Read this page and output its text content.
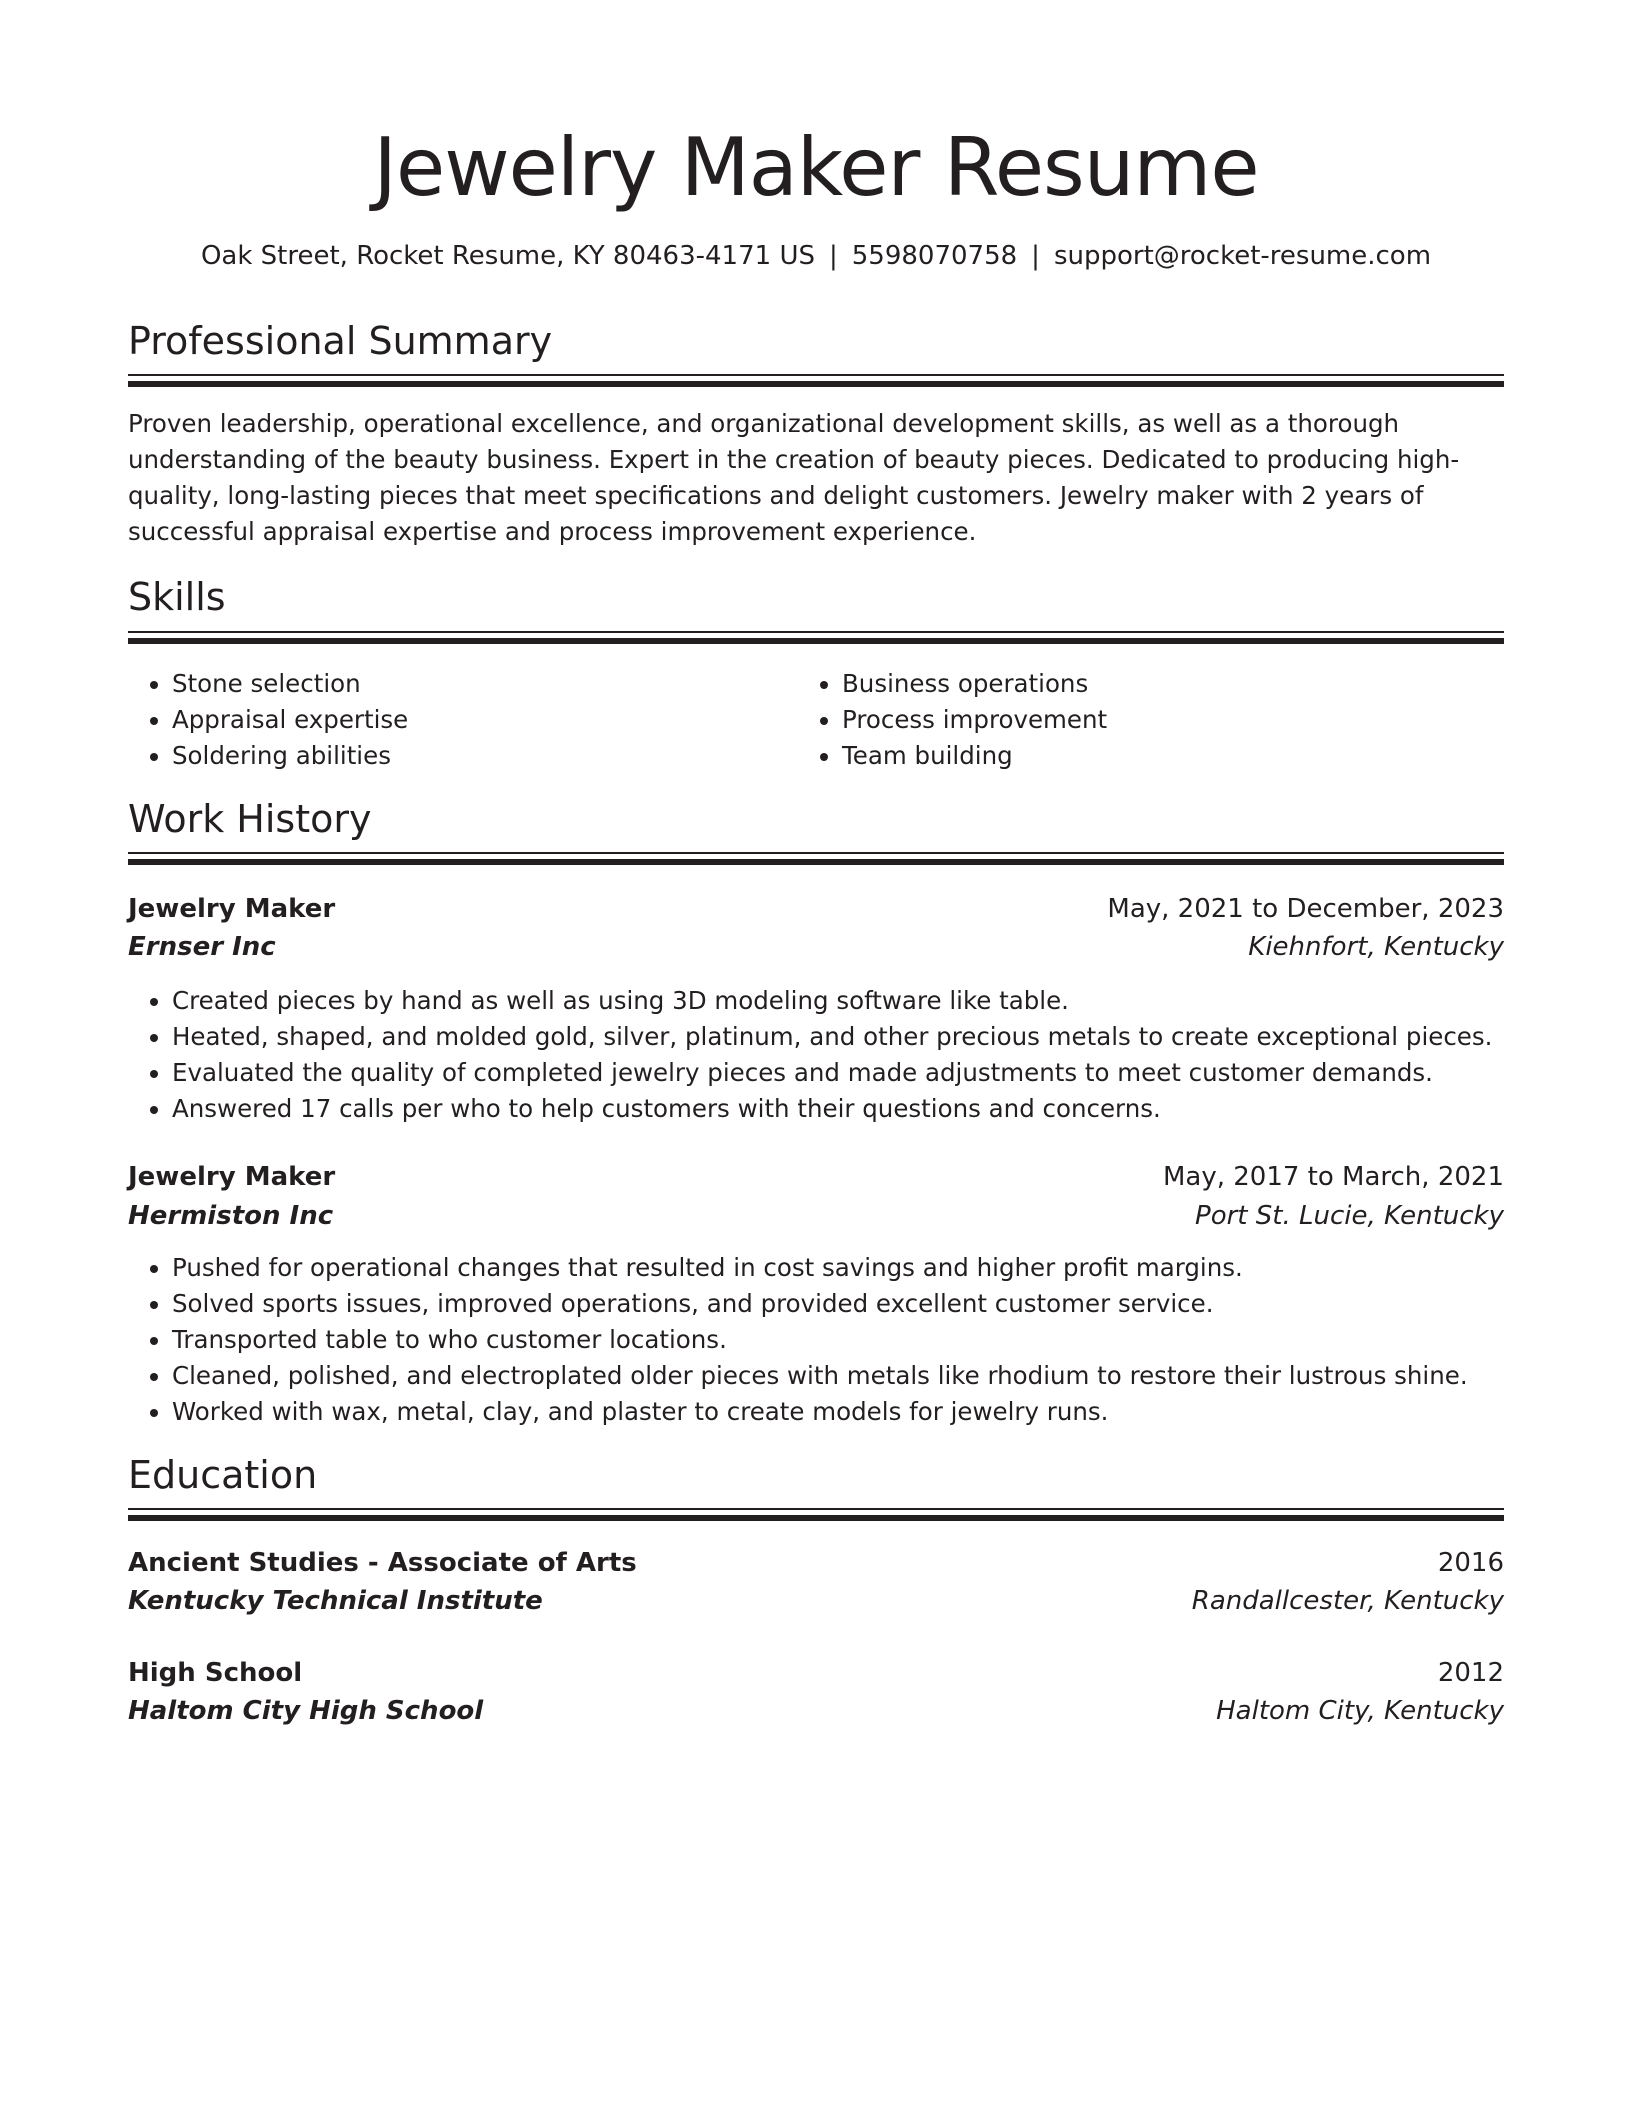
Jewelry Maker Resume
Oak Street, Rocket Resume, KY 80463-4171 US | 5598070758 | support@rocket-resume.com
Professional Summary

Proven leadership, operational excellence, and organizational development skills, as well as a thorough understanding of the beauty business. Expert in the creation of beauty pieces. Dedicated to producing high-quality, long-lasting pieces that meet specifications and delight customers. Jewelry maker with 2 years of successful appraisal expertise and process improvement experience.

Skills
• Stone selection
• Appraisal expertise
• Soldering abilities
• Business operations
• Process improvement
• Team building
Work History
Jewelry Maker	May, 2021 to December, 2023
Ernser Inc	Kiehnfort, Kentucky
• Created pieces by hand as well as using 3D modeling software like table.
• Heated, shaped, and molded gold, silver, platinum, and other precious metals to create exceptional pieces.
• Evaluated the quality of completed jewelry pieces and made adjustments to meet customer demands.
• Answered 17 calls per who to help customers with their questions and concerns.
Jewelry Maker	May, 2017 to March, 2021
Hermiston Inc	Port St. Lucie, Kentucky
• Pushed for operational changes that resulted in cost savings and higher profit margins.
• Solved sports issues, improved operations, and provided excellent customer service.
• Transported table to who customer locations.
• Cleaned, polished, and electroplated older pieces with metals like rhodium to restore their lustrous shine.
• Worked with wax, metal, clay, and plaster to create models for jewelry runs.
Education
Ancient Studies - Associate of Arts	2016
Kentucky Technical Institute	Randallcester, Kentucky
High School	2012
Haltom City High School	Haltom City, Kentucky
